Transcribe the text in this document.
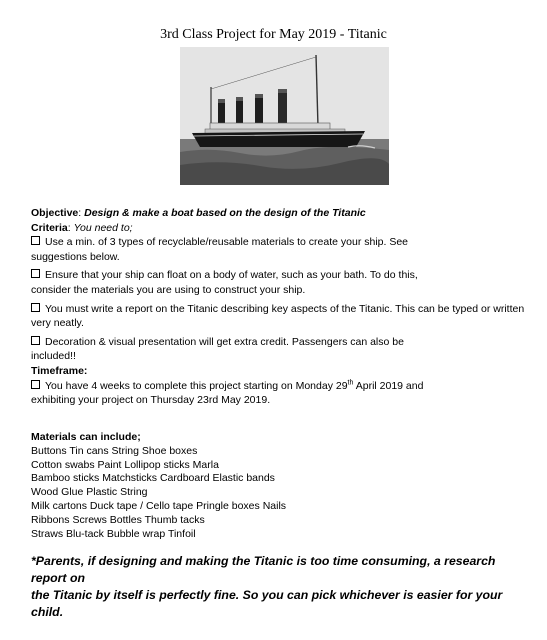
3rd Class Project for May 2019 - Titanic
Objective: Design & make a boat based on the design of the Titanic
Criteria: You need to;
Use a min. of 3 types of recyclable/reusable materials to create your ship. See
suggestions below.
Ensure that your ship can float on a body of water, such as your bath. To do this,
consider the materials you are using to construct your ship.
You must write a report on the Titanic describing key aspects of the Titanic. This can be typed or written
very neatly.
Decoration & visual presentation will get extra credit. Passengers can also be
included!!
Timeframe:
You have 4 weeks to complete this project starting on Monday 29th April 2019 and
exhibiting your project on Thursday 23rd May 2019.
Materials can include;
Buttons Tin cans String Shoe boxes
Cotton swabs Paint Lollipop sticks Marla
Bamboo sticks Matchsticks Cardboard Elastic bands
Wood Glue Plastic String
Milk cartons Duck tape / Cello tape Pringle boxes Nails
Ribbons Screws Bottles Thumb tacks
Straws Blu-tack Bubble wrap Tinfoil
*Parents, if designing and making the Titanic is too time consuming, a research report on
the Titanic by itself is perfectly fine. So you can pick whichever is easier for your child.
